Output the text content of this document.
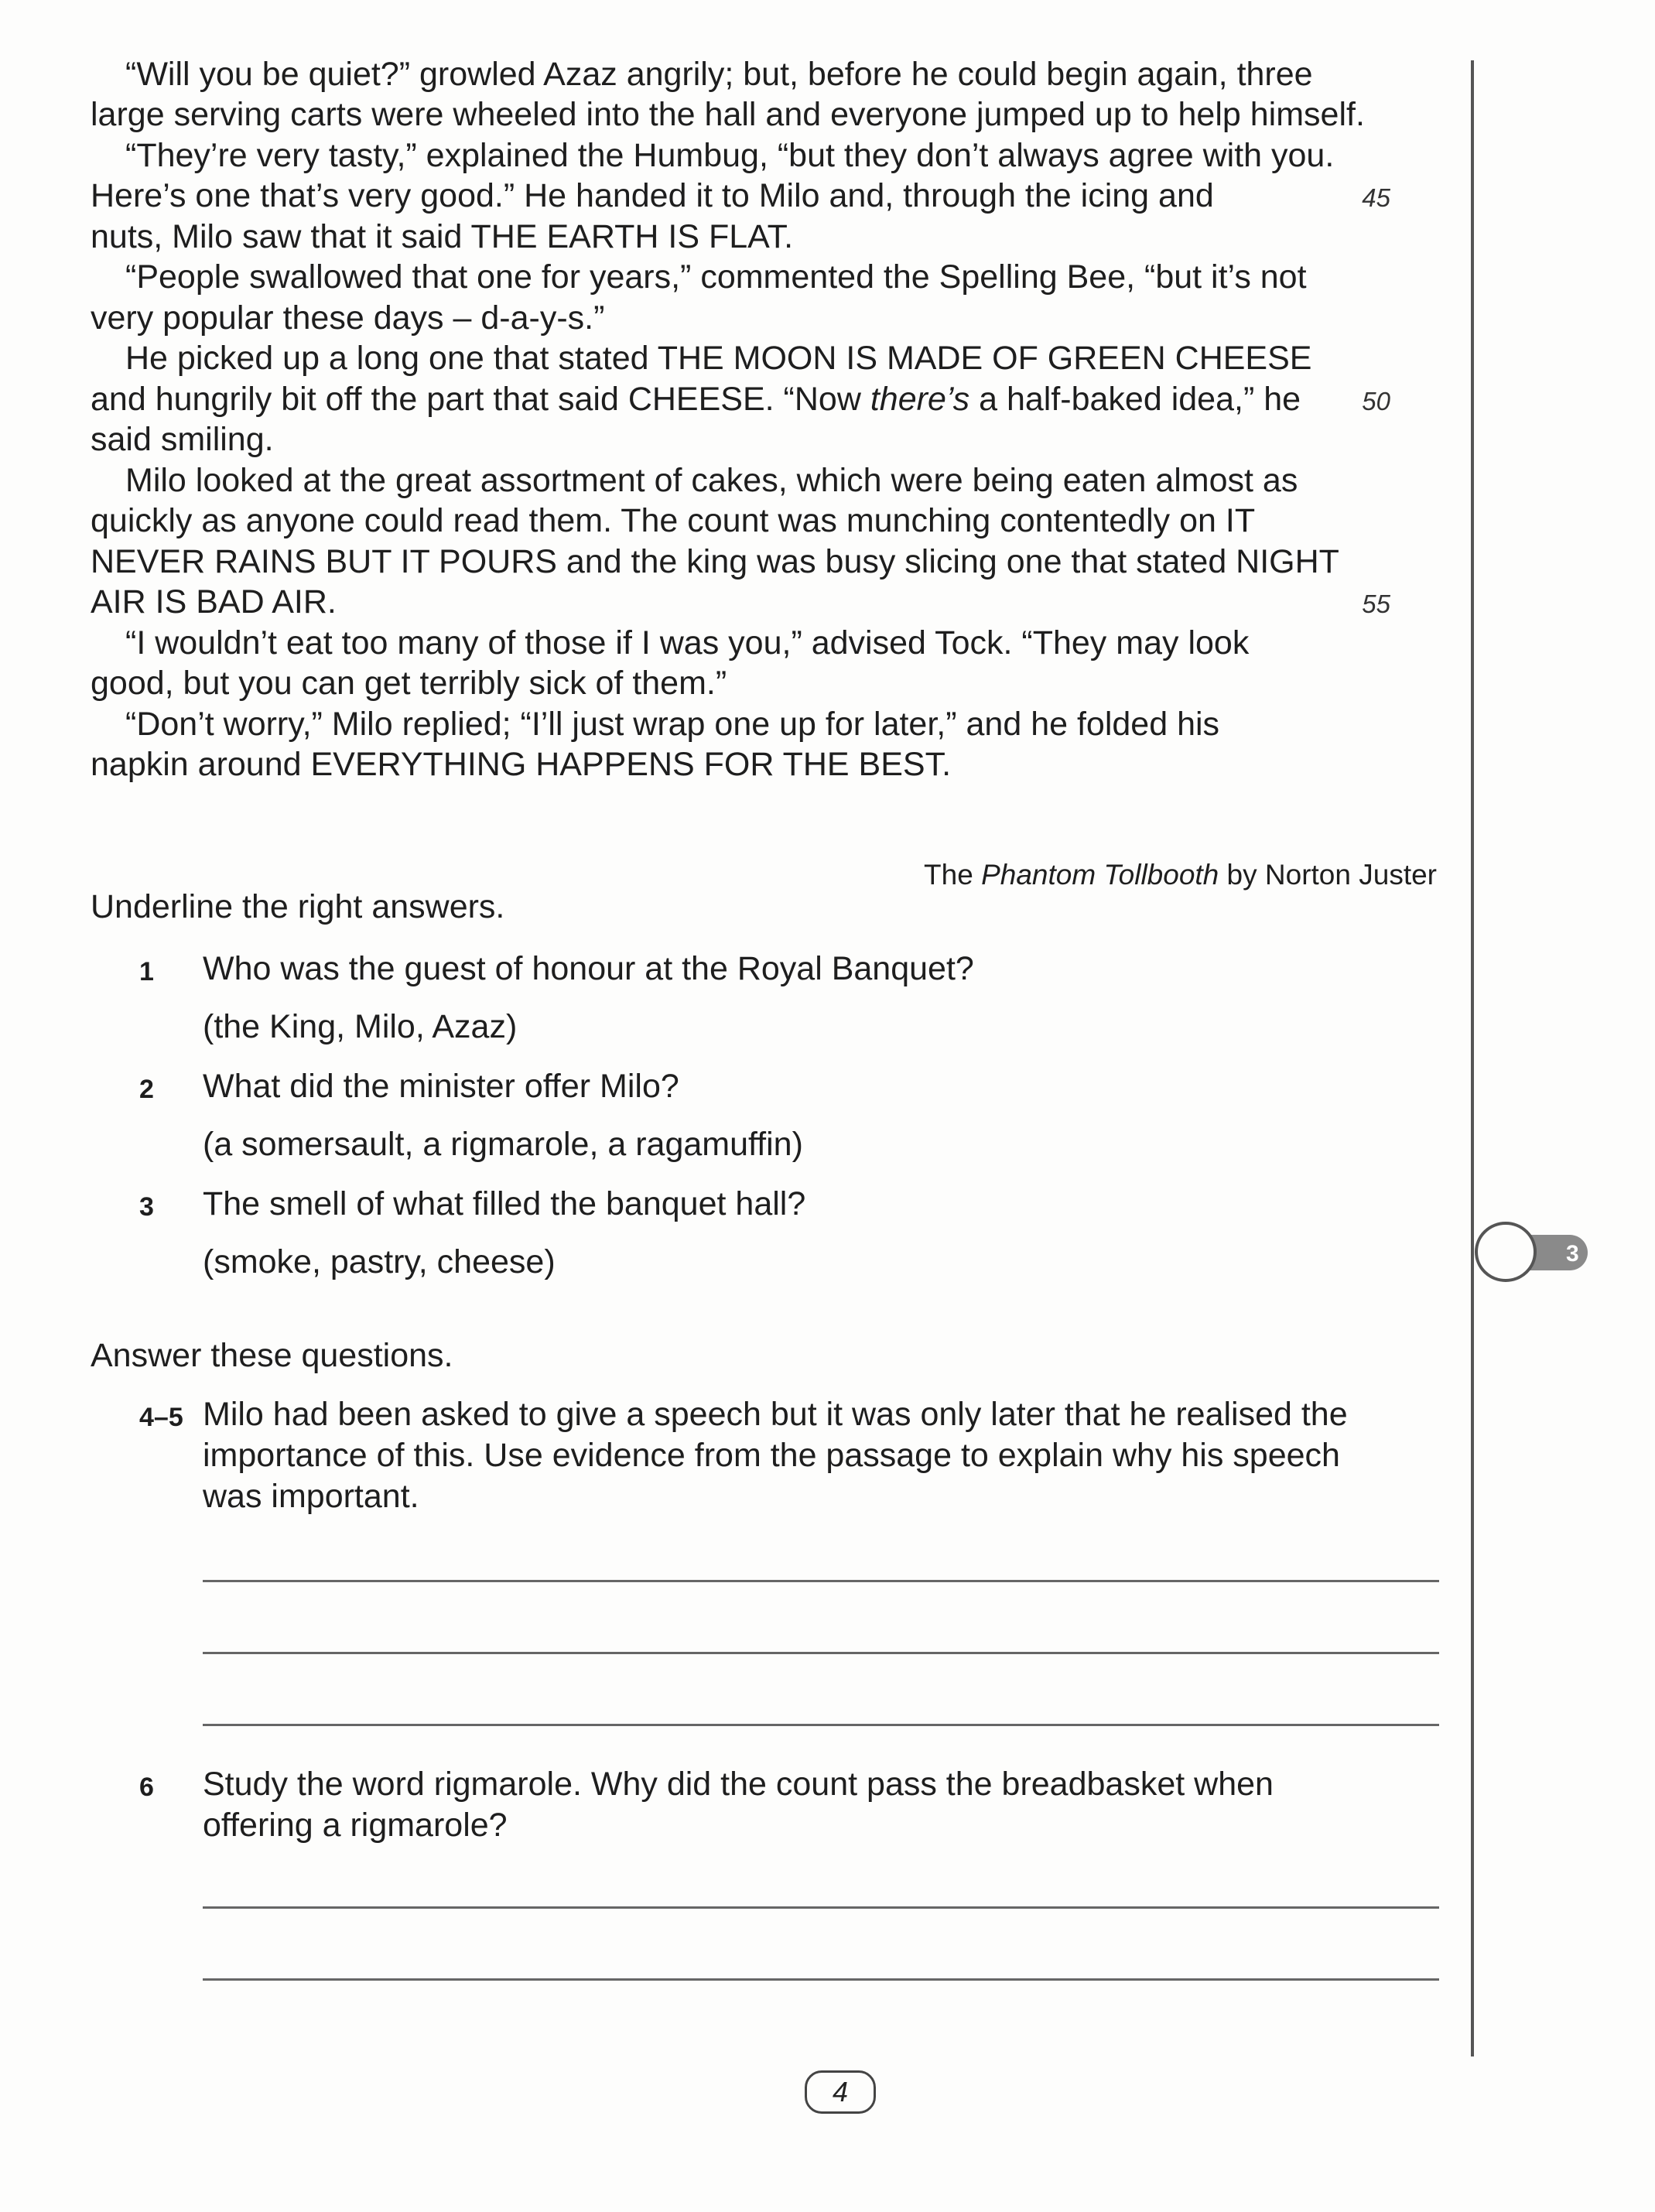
“Will you be quiet?” growled Azaz angrily; but, before he could begin again, three
large serving carts were wheeled into the hall and everyone jumped up to help himself.
“They’re very tasty,” explained the Humbug, “but they don’t always agree with you.
Here’s one that’s very good.” He handed it to Milo and, through the icing and
nuts, Milo saw that it said THE EARTH IS FLAT.
“People swallowed that one for years,” commented the Spelling Bee, “but it’s not
very popular these days – d-a-y-s.”
He picked up a long one that stated THE MOON IS MADE OF GREEN CHEESE
and hungrily bit off the part that said CHEESE. “Now there’s a half-baked idea,” he
said smiling.
Milo looked at the great assortment of cakes, which were being eaten almost as
quickly as anyone could read them. The count was munching contentedly on IT
NEVER RAINS BUT IT POURS and the king was busy slicing one that stated NIGHT
AIR IS BAD AIR.
“I wouldn’t eat too many of those if I was you,” advised Tock. “They may look
good, but you can get terribly sick of them.”
“Don’t worry,” Milo replied; “I’ll just wrap one up for later,” and he folded his
napkin around EVERYTHING HAPPENS FOR THE BEST.
45
50
55
The Phantom Tollbooth by Norton Juster
Underline the right answers.
1 Who was the guest of honour at the Royal Banquet?
(the King, Milo, Azaz)
2 What did the minister offer Milo?
(a somersault, a rigmarole, a ragamuffin)
3 The smell of what filled the banquet hall?
(smoke, pastry, cheese)	3
Answer these questions.
4–5 Milo had been asked to give a speech but it was only later that he realised the
importance of this. Use evidence from the passage to explain why his speech
was important.
6 Study the word rigmarole. Why did the count pass the breadbasket when
offering a rigmarole?
4
